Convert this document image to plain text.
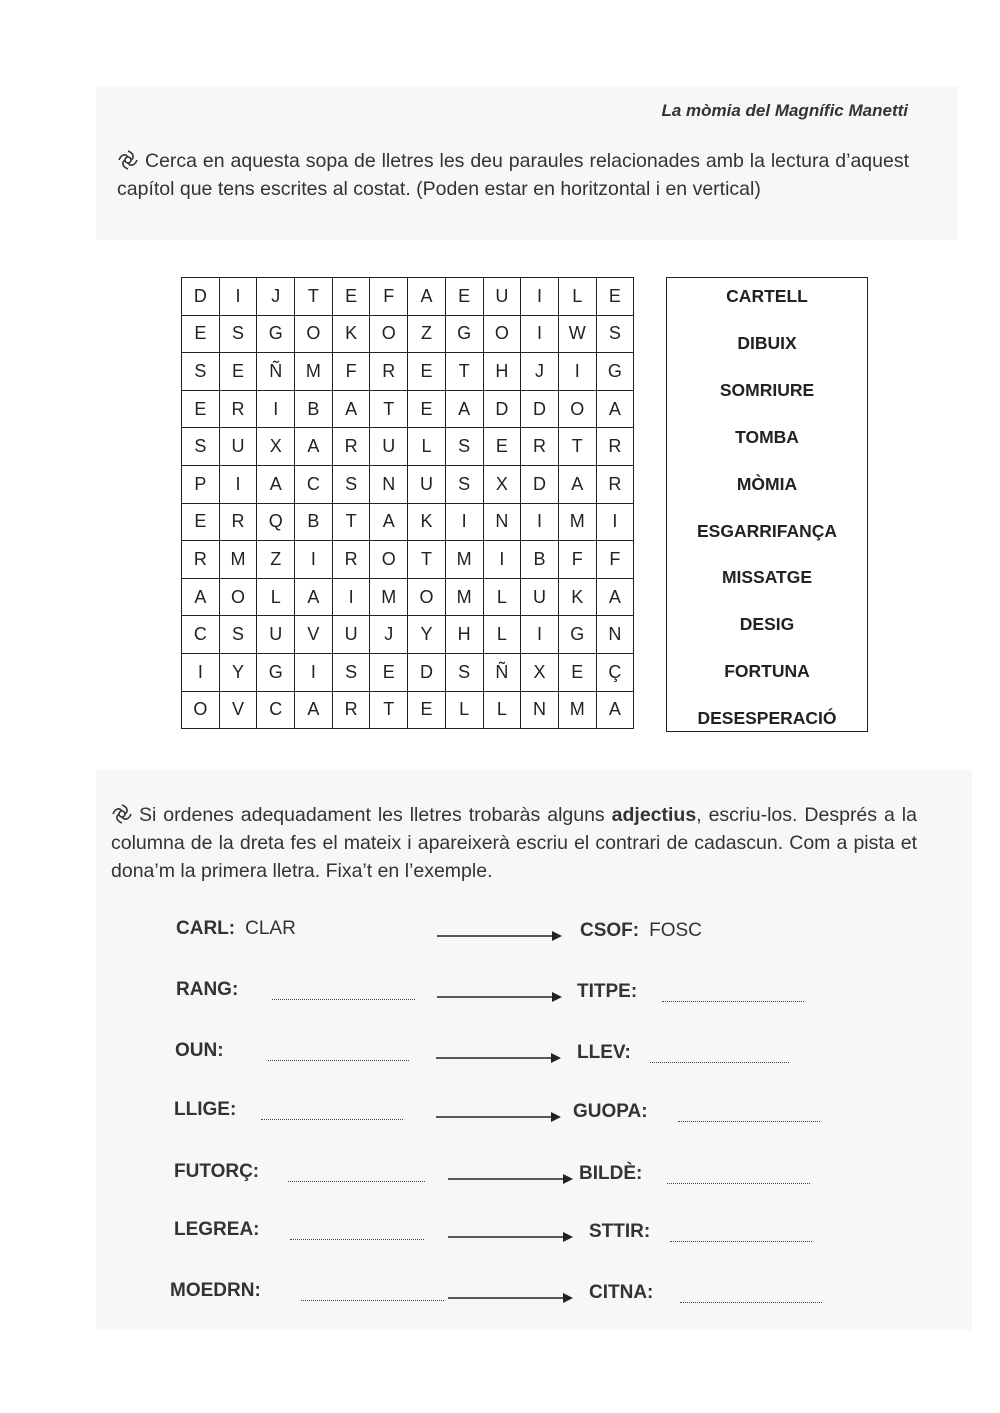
La mòmia del Magnífic Manetti
Cerca en aquesta sopa de lletres les deu paraules relacionades amb la lectura d’aquest capítol que tens escrites al costat. (Poden estar en horitzontal i en vertical)
D	I	J	T	E	F	A	E	U	I	L	E
E	S	G	O	K	O	Z	G	O	I	W	S
S	E	Ñ	M	F	R	E	T	H	J	I	G
E	R	I	B	A	T	E	A	D	D	O	A
S	U	X	A	R	U	L	S	E	R	T	R
P	I	A	C	S	N	U	S	X	D	A	R
E	R	Q	B	T	A	K	I	N	I	M	I
R	M	Z	I	R	O	T	M	I	B	F	F
A	O	L	A	I	M	O	M	L	U	K	A
C	S	U	V	U	J	Y	H	L	I	G	N
I	Y	G	I	S	E	D	S	Ñ	X	E	Ç
O	V	C	A	R	T	E	L	L	N	M	A
CARTELL
DIBUIX
SOMRIURE
TOMBA
MÒMIA
ESGARRIFANÇA
MISSATGE
DESIG
FORTUNA
DESESPERACIÓ
Si ordenes adequadament les lletres trobaràs alguns adjectius, escriu-los. Després a la columna de la dreta fes el mateix i apareixerà escriu el contrari de cadascun. Com a pista et dona’m la primera lletra. Fixa’t en l’exemple.
CARL: CLAR	CSOF: FOSC
RANG:	TITPE:
OUN:	LLEV:
LLIGE:	GUOPA:
FUTORÇ:	BILDÈ:
LEGREA:	STTIR:
MOEDRN:	CITNA:
